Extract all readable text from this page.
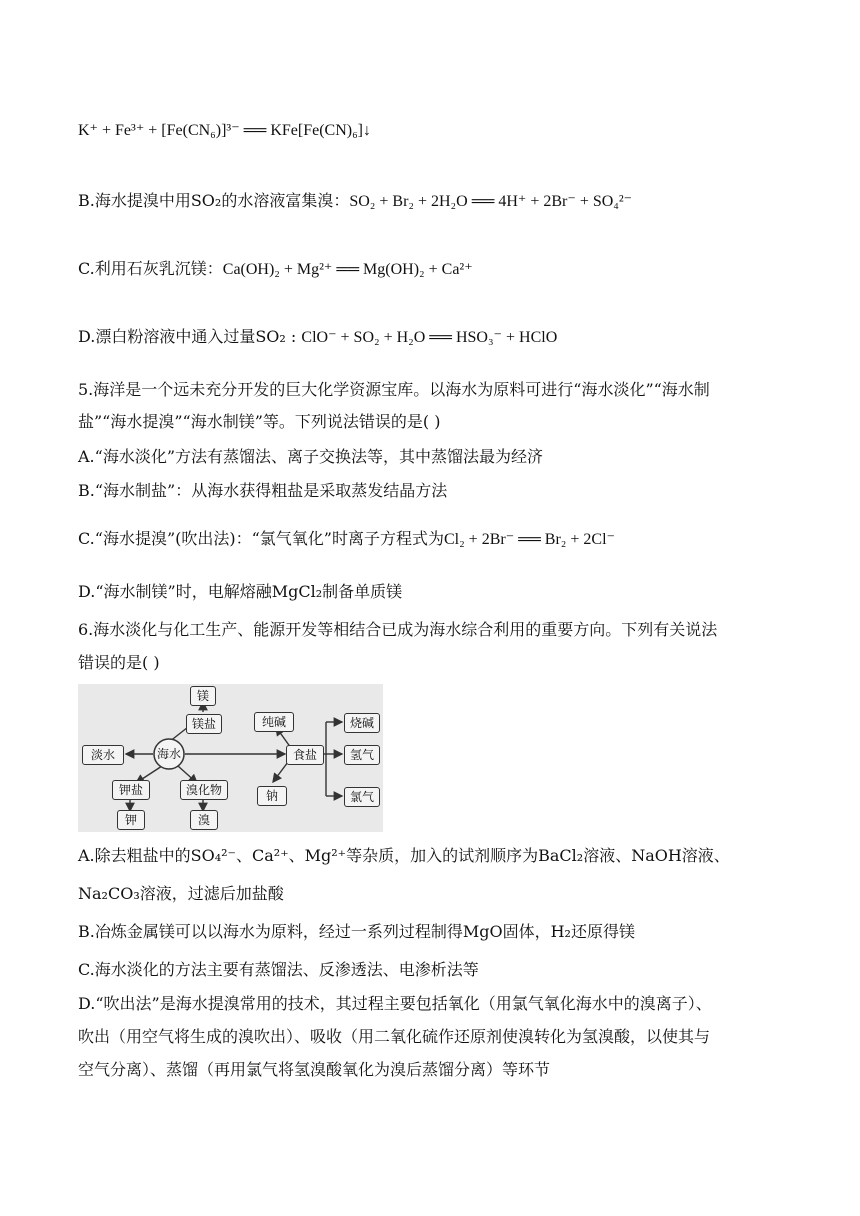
K⁺ + Fe³⁺ + [Fe(CN₆)]³⁻ ══ KFe[Fe(CN)₆]↓
B.海水提溴中用SO₂的水溶液富集溴：SO₂ + Br₂ + 2H₂O ══ 4H⁺ + 2Br⁻ + SO₄²⁻
C.利用石灰乳沉镁：Ca(OH)₂ + Mg²⁺ ══ Mg(OH)₂ + Ca²⁺
D.漂白粉溶液中通入过量SO₂ : ClO⁻ + SO₂ + H₂O ══ HSO₃⁻ + HClO
5.海洋是一个远未充分开发的巨大化学资源宝库。以海水为原料可进行“海水淡化”“海水制
盐”“海水提溴”“海水制镁”等。下列说法错误的是( )
A.“海水淡化”方法有蒸馏法、离子交换法等，其中蒸馏法最为经济
B.“海水制盐”：从海水获得粗盐是采取蒸发结晶方法
C.“海水提溴”(吹出法)：“氯气氧化”时离子方程式为Cl₂ + 2Br⁻ ══ Br₂ + 2Cl⁻
D.“海水制镁”时，电解熔融MgCl₂制备单质镁
6.海水淡化与化工生产、能源开发等相结合已成为海水综合利用的重要方向。下列有关说法
错误的是( )
海水
镁
镁盐
淡水
钾盐
钾
溴化物
溴
纯碱
食盐
钠
烧碱
氢气
氯气
A.除去粗盐中的SO₄²⁻、Ca²⁺、Mg²⁺等杂质，加入的试剂顺序为BaCl₂溶液、NaOH溶液、
Na₂CO₃溶液，过滤后加盐酸
B.冶炼金属镁可以以海水为原料，经过一系列过程制得MgO固体，H₂还原得镁
C.海水淡化的方法主要有蒸馏法、反渗透法、电渗析法等
D.“吹出法”是海水提溴常用的技术，其过程主要包括氧化（用氯气氧化海水中的溴离子）、
吹出（用空气将生成的溴吹出）、吸收（用二氧化硫作还原剂使溴转化为氢溴酸，以使其与
空气分离）、蒸馏（再用氯气将氢溴酸氧化为溴后蒸馏分离）等环节
